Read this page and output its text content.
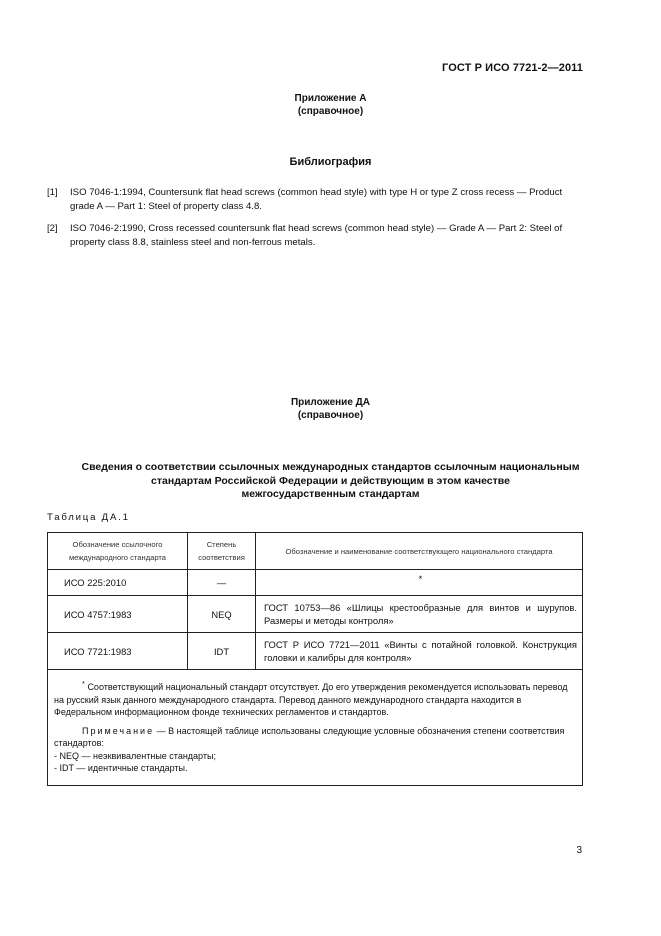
ГОСТ Р ИСО 7721-2—2011
Приложение А
(справочное)
Библиография
[1] ISO 7046-1:1994, Countersunk flat head screws (common head style) with type H or type Z cross recess — Product grade A — Part 1: Steel of property class 4.8.
[2] ISO 7046-2:1990, Cross recessed countersunk flat head screws (common head style) — Grade A — Part 2: Steel of property class 8.8, stainless steel and non-ferrous metals.
Приложение ДА
(справочное)
Сведения о соответствии ссылочных международных стандартов ссылочным национальным
стандартам Российской Федерации и действующим в этом качестве
межгосударственным стандартам
Таблица ДА.1
Обозначение ссылочного международного стандарта	Степень соответствия	Обозначение и наименование соответствующего национального стандарта
ИСО 225:2010	—	*
ИСО 4757:1983	NEQ	ГОСТ 10753—86 «Шлицы крестообразные для винтов и шурупов. Размеры и методы контроля»
ИСО 7721:1983	IDT	ГОСТ Р ИСО 7721—2011 «Винты с потайной головкой. Конструкция головки и калибры для контроля»

* Соответствующий национальный стандарт отсутствует. До его утверждения рекомендуется использовать перевод на русский язык данного международного стандарта. Перевод данного международного стандарта находится в Федеральном информационном фонде технических регламентов и стандартов.

Примечание — В настоящей таблице использованы следующие условные обозначения степени соответствия стандартов:

- NEQ — неэквивалентные стандарты;

- IDT — идентичные стандарты.		

3
